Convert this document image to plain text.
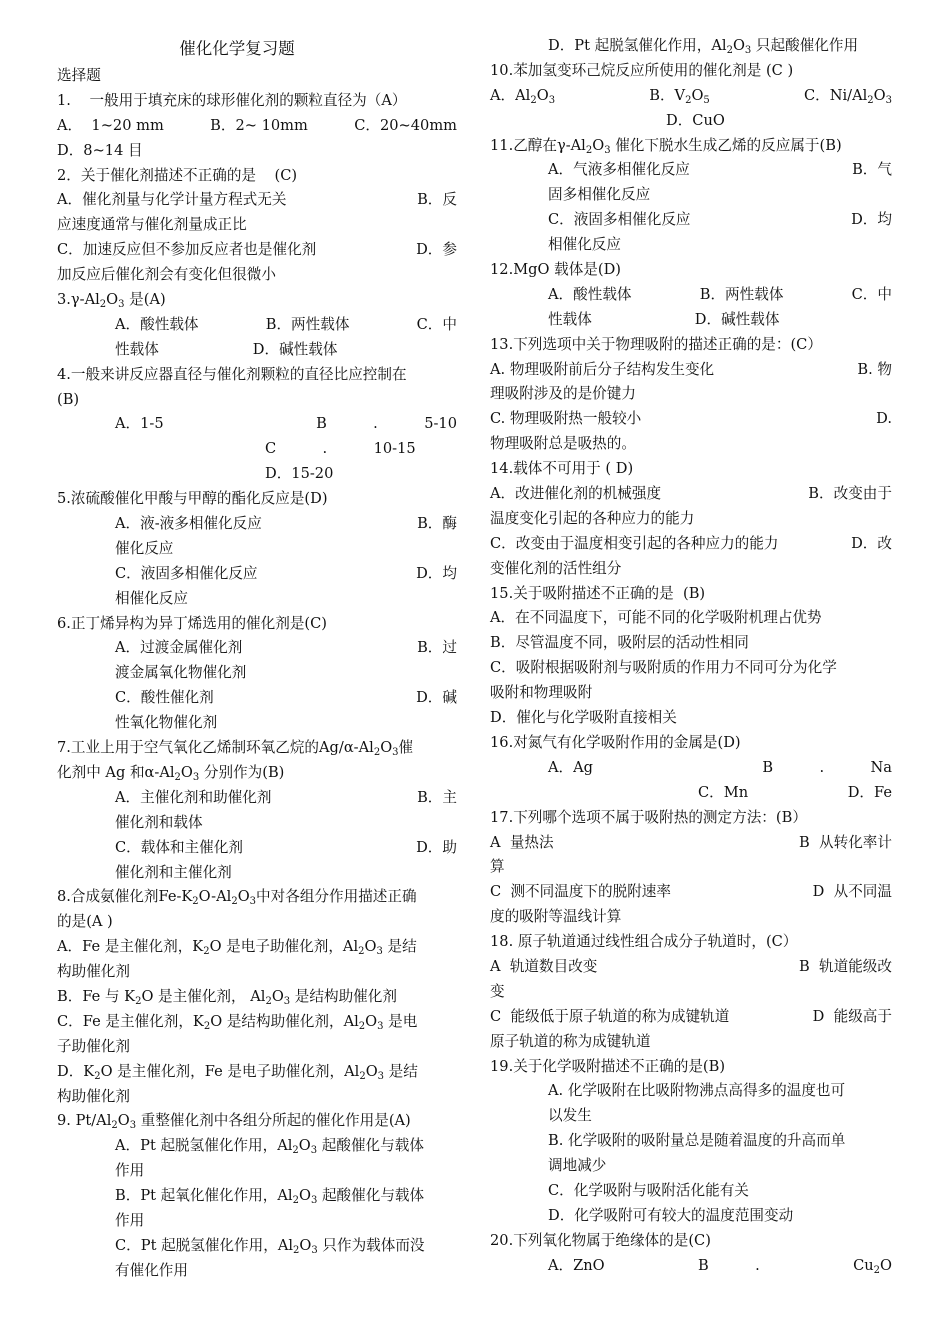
催化化学复习题
选择题
1.    一般用于填充床的球形催化剂的颗粒直径为（A）
A．  1~20 mm	B．2~ 10mm	C．20~40mm
D．8~14 目
2．关于催化剂描述不正确的是    (C)
A．催化剂量与化学计量方程式无关	B．反
应速度通常与催化剂量成正比
C．加速反应但不参加反应者也是催化剂	D．参
加反应后催化剂会有变化但很微小
$3.\gamma-Al_2O_3$ 是(A)
A．酸性载体	B．两性载体	C．中
性载体	D．碱性载体
4.一般来讲反应器直径与催化剂颗粒的直径比应控制在
(B)
A．1-5	B          .          5-10
C          .          10-15
D．15-20
5.浓硫酸催化甲酸与甲醇的酯化反应是(D)
A．液-液多相催化反应	B．酶
催化反应
C．液固多相催化反应	D．均
相催化反应
6.正丁烯异构为异丁烯选用的催化剂是(C)
A．过渡金属催化剂	B．过
渡金属氧化物催化剂
C．酸性催化剂	D．碱
性氧化物催化剂
7.工业上用于空气氧化乙烯制环氧乙烷的$Ag/\alpha-Al_2O_3$催
化剂中 Ag 和$\alpha-Al_2O_3$ 分别作为(B)
A．主催化剂和助催化剂	B．主
催化剂和载体
C．载体和主催化剂	D．助
催化剂和主催化剂
8.合成氨催化剂$Fe-K_2O-Al_2O_3$中对各组分作用描述正确
的是(A )
A．Fe 是主催化剂，$K_2O$ 是电子助催化剂，$Al_2O_3$ 是结
构助催化剂
B．Fe 与 $K_2O$ 是主催化剂， $Al_2O_3$ 是结构助催化剂
C．Fe 是主催化剂，$K_2O$ 是结构助催化剂，$Al_2O_3$ 是电
子助催化剂
D．$K_2O$ 是主催化剂，Fe 是电子助催化剂，$Al_2O_3$ 是结
构助催化剂
9. $Pt/Al_2O_3$ 重整催化剂中各组分所起的催化作用是(A)
A．Pt 起脱氢催化作用，$Al_2O_3$ 起酸催化与载体
作用
B．Pt 起氧化催化作用，$Al_2O_3$ 起酸催化与载体
作用
C．Pt 起脱氢催化作用，$Al_2O_3$ 只作为载体而没
有催化作用
D．Pt 起脱氢催化作用，$Al_2O_3$ 只起酸催化作用
10.苯加氢变环己烷反应所使用的催化剂是 (C )
A．$Al_2O_3$	B．$V_2O_5$	C．$Ni/Al_2O_3$
D．CuO
11.乙醇在$\gamma-Al_2O_3$ 催化下脱水生成乙烯的反应属于(B)
A．气液多相催化反应	B．气
固多相催化反应
C．液固多相催化反应	D．均
相催化反应
12.MgO 载体是(D)
A．酸性载体	B．两性载体	C．中
性载体	D．碱性载体
13.下列选项中关于物理吸附的描述正确的是：(C）
A. 物理吸附前后分子结构发生变化	B. 物
理吸附涉及的是价键力
C. 物理吸附热一般较小	D.
物理吸附总是吸热的。
14.载体不可用于 ( D)
A．改进催化剂的机械强度	B．改变由于
温度变化引起的各种应力的能力
C．改变由于温度相变引起的各种应力的能力	D．改
变催化剂的活性组分
15.关于吸附描述不正确的是  (B)
A．在不同温度下，可能不同的化学吸附机理占优势
B．尽管温度不同，吸附层的活动性相同
C．吸附根据吸附剂与吸附质的作用力不同可分为化学
吸附和物理吸附
D．催化与化学吸附直接相关
16.对氮气有化学吸附作用的金属是(D)
A．Ag	B          .          Na
C．Mn	D．Fe
17.下列哪个选项不属于吸附热的测定方法：(B）
A  量热法	B  从转化率计
算
C  测不同温度下的脱附速率	D  从不同温
度的吸附等温线计算
18. 原子轨道通过线性组合成分子轨道时，(C）
A  轨道数目改变	B  轨道能级改
变
C  能级低于原子轨道的称为成键轨道	D  能级高于
原子轨道的称为成键轨道
19.关于化学吸附描述不正确的是(B)
A. 化学吸附在比吸附物沸点高得多的温度也可
以发生
B. 化学吸附的吸附量总是随着温度的升高而单
调地减少
C．化学吸附与吸附活化能有关
D．化学吸附可有较大的温度范围变动
20.下列氧化物属于绝缘体的是(C)
A．ZnO	B          .	$Cu_2O$
